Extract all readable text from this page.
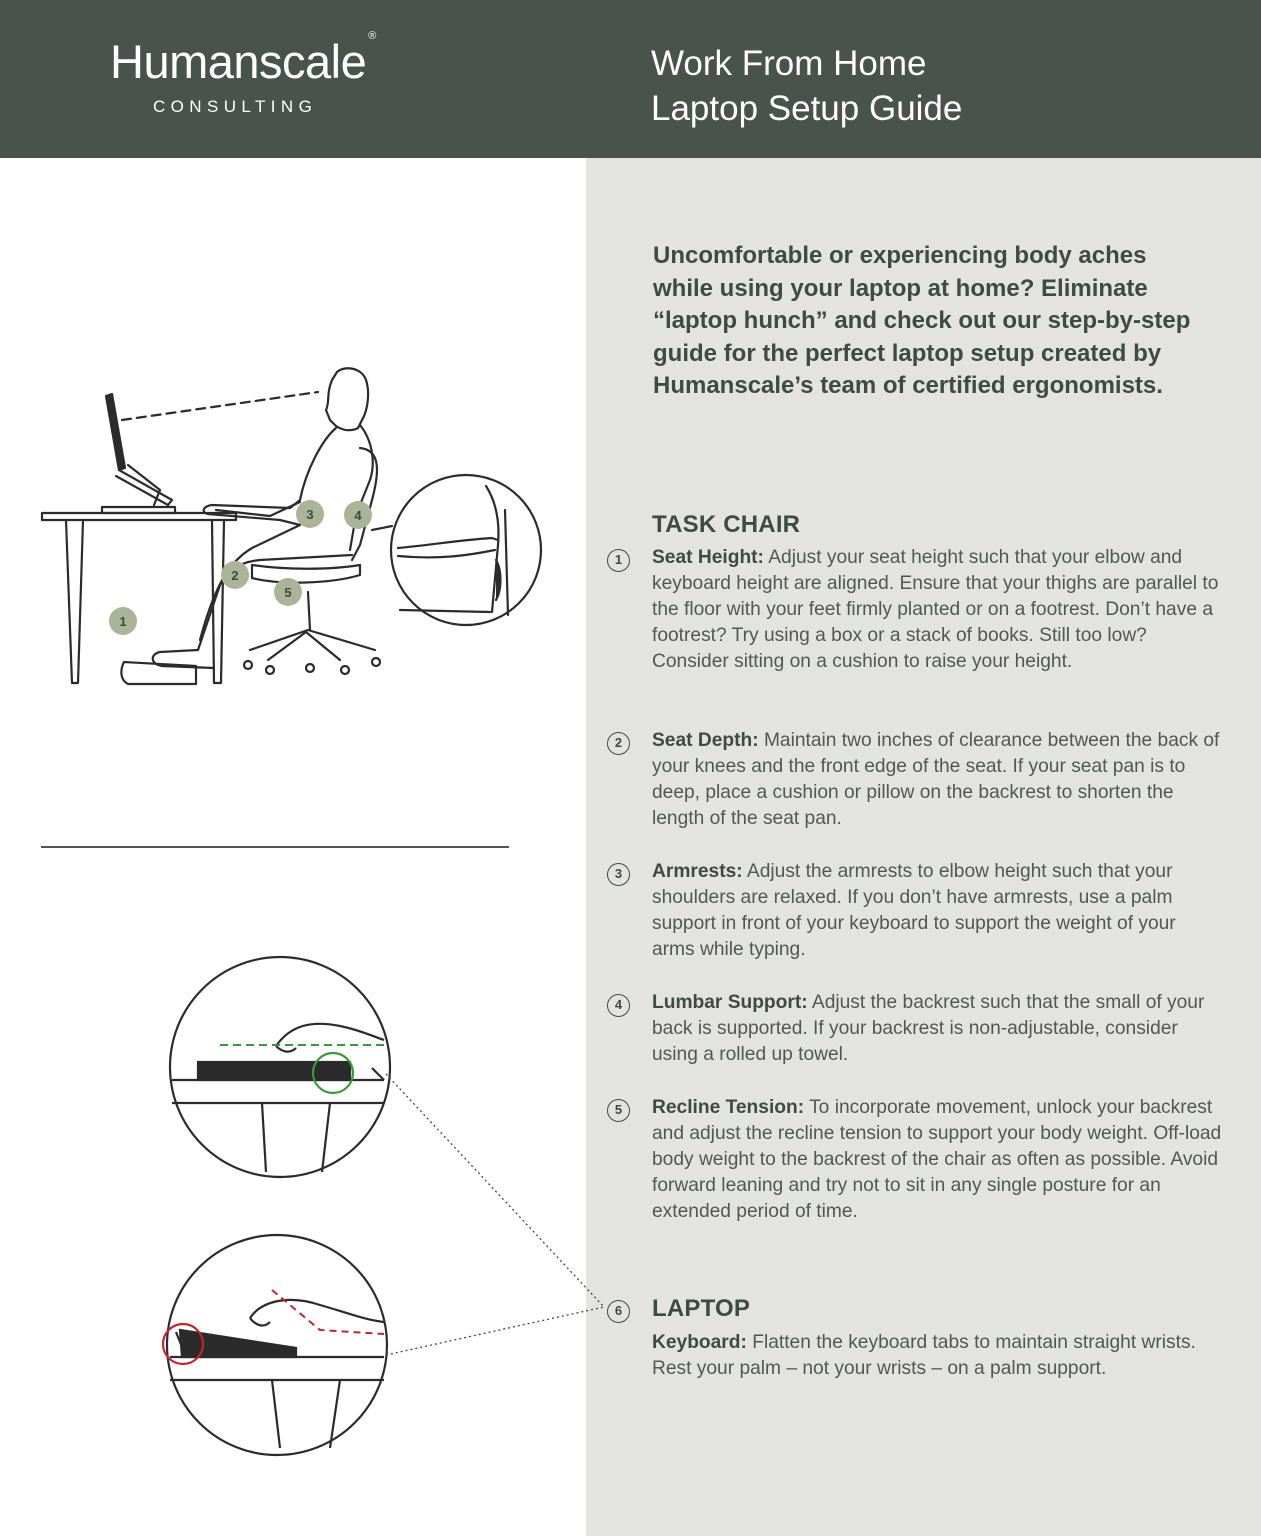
Humanscale ®
CONSULTING
Work From Home
Laptop Setup Guide
Uncomfortable or experiencing body aches while using your laptop at home? Eliminate “laptop hunch” and check out our step-by-step guide for the perfect laptop setup created by Humanscale’s team of certified ergonomists.
TASK CHAIR
1	Seat Height: Adjust your seat height such that your elbow and keyboard height are aligned. Ensure that your thighs are parallel to the floor with your feet firmly planted or on a footrest. Don’t have a footrest? Try using a box or a stack of books. Still too low? Consider sitting on a cushion to raise your height.
2	Seat Depth: Maintain two inches of clearance between the back of your knees and the front edge of the seat. If your seat pan is to deep, place a cushion or pillow on the backrest to shorten the length of the seat pan.
3	Armrests: Adjust the armrests to elbow height such that your shoulders are relaxed. If you don’t have armrests, use a palm support in front of your keyboard to support the weight of your arms while typing.
4	Lumbar Support: Adjust the backrest such that the small of your back is supported. If your backrest is non-adjustable, consider using a rolled up towel.
5	Recline Tension: To incorporate movement, unlock your backrest and adjust the recline tension to support your body weight. Off-load body weight to the backrest of the chair as often as possible. Avoid forward leaning and try not to sit in any single posture for an extended period of time.
6	LAPTOP
Keyboard: Flatten the keyboard tabs to maintain straight wrists. Rest your palm – not your wrists – on a palm support.
1
2
3	4
5
